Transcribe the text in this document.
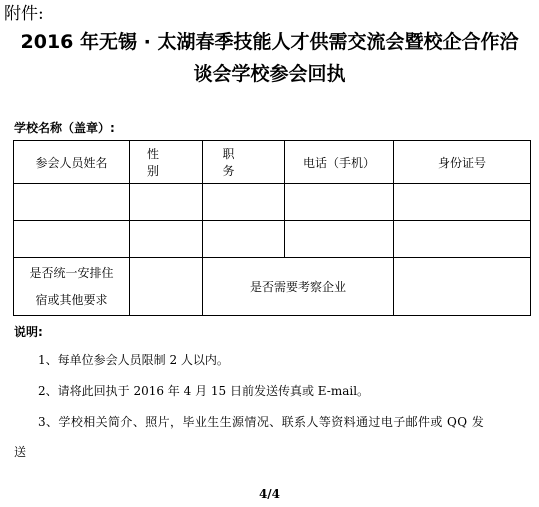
附件:
2016 年无锡 · 太湖春季技能人才供需交流会暨校企合作洽
谈会学校参会回执
学校名称（盖章）:
参会人员姓名	性别	职务	电话（手机）	身份证号

是否统一安排住
宿或其他要求		是否需要考察企业		
说明:
1、每单位参会人员限制 2 人以内。
2、请将此回执于 2016 年 4 月 15 日前发送传真或 E-mail。
3、学校相关简介、照片，毕业生生源情况、联系人等资料通过电子邮件或 QQ 发
送
4/4
